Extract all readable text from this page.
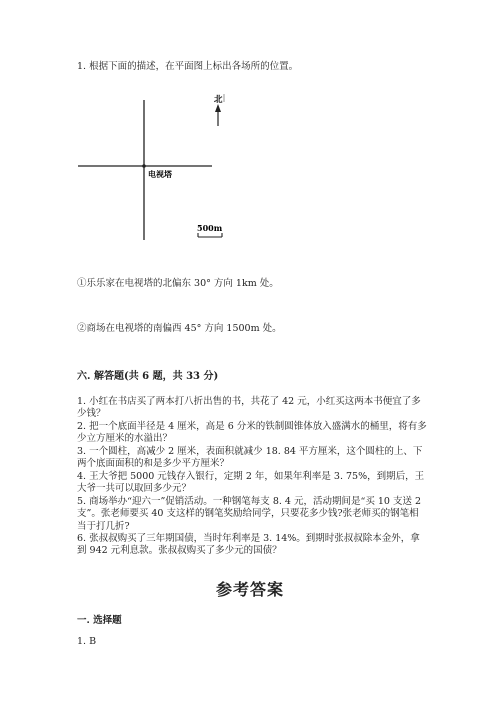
1. 根据下面的描述，在平面图上标出各场所的位置。
北
电视塔
500m
①乐乐家在电视塔的北偏东 30° 方向 1km 处。
②商场在电视塔的南偏西 45° 方向 1500m 处。
六. 解答题(共 6 题，共 33 分)
1. 小红在书店买了两本打八折出售的书，共花了 42 元，小红买这两本书便宜了多少钱？
2. 把一个底面半径是 4 厘米，高是 6 分米的铁制圆锥体放入盛满水的桶里，将有多少立方厘米的水溢出？
3. 一个圆柱，高减少 2 厘米，表面积就减少 18. 84 平方厘米，这个圆柱的上、下两个底面面积的和是多少平方厘米？
4. 王大爷把 5000 元钱存入银行，定期 2 年，如果年利率是 3. 75%，到期后，王大爷一共可以取回多少元？
5. 商场举办“迎六一”促销活动。一种钢笔每支 8. 4 元，活动期间是“买 10 支送 2 支”。张老师要买 40 支这样的钢笔奖励给同学，只要花多少钱?张老师买的钢笔相当于打几折?
6. 张叔叔购买了三年期国债，当时年利率是 3. 14%。到期时张叔叔除本金外，拿到 942 元利息款。张叔叔购买了多少元的国债？
参考答案
一. 选择题
1. B
